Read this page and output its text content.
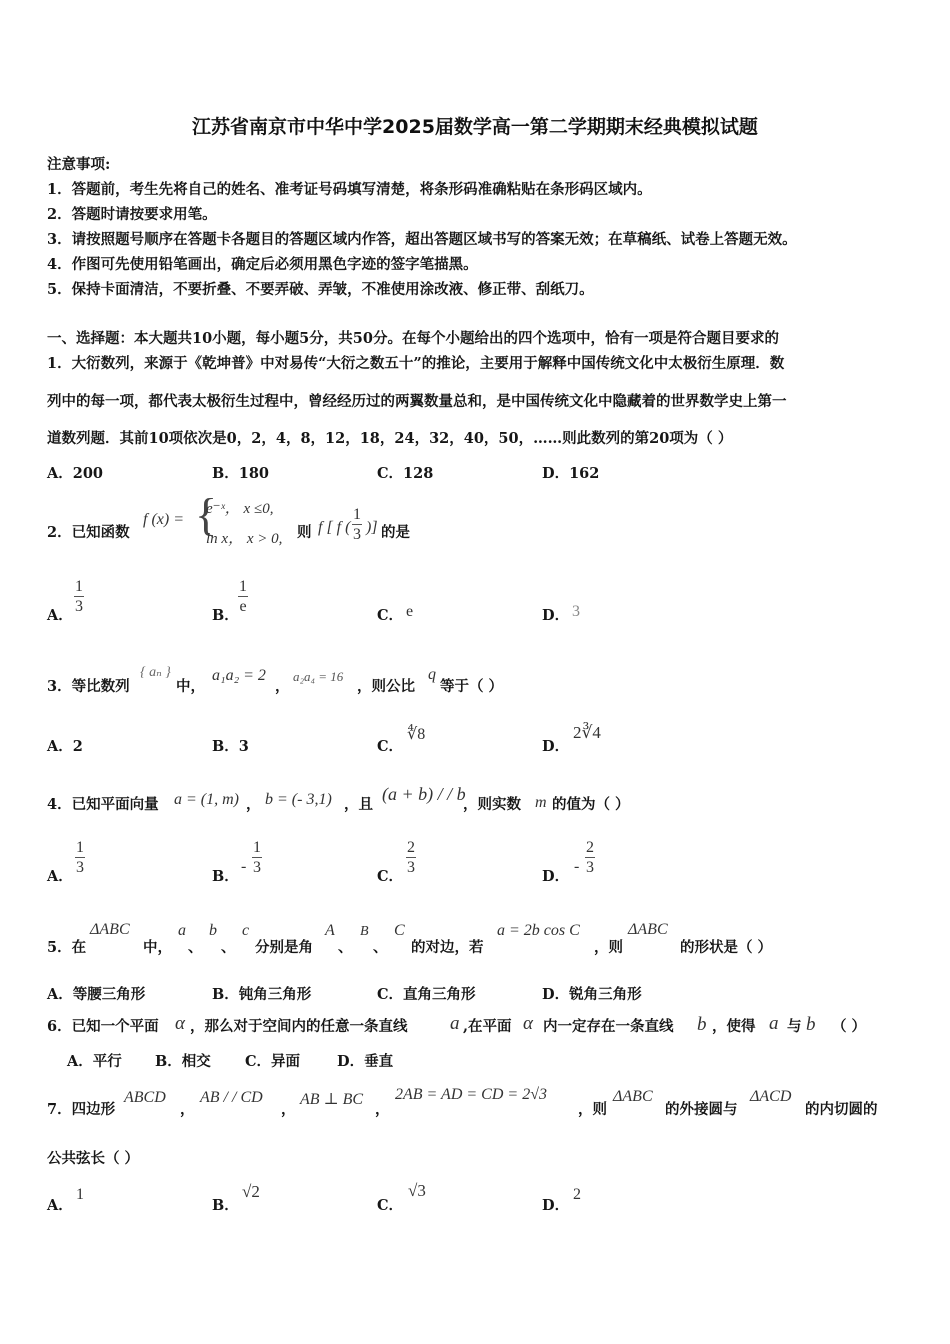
江苏省南京市中华中学2025届数学高一第二学期期末经典模拟试题
注意事项:
1．答题前，考生先将自己的姓名、准考证号码填写清楚，将条形码准确粘贴在条形码区域内。
2．答题时请按要求用笔。
3．请按照题号顺序在答题卡各题目的答题区域内作答，超出答题区域书写的答案无效；在草稿纸、试卷上答题无效。
4．作图可先使用铅笔画出，确定后必须用黑色字迹的签字笔描黑。
5．保持卡面清洁，不要折叠、不要弄破、弄皱，不准使用涂改液、修正带、刮纸刀。
一、选择题：本大题共10小题，每小题5分，共50分。在每个小题给出的四个选项中，恰有一项是符合题目要求的
1．大衍数列，来源于《乾坤普》中对易传“大衍之数五十”的推论，主要用于解释中国传统文化中太极衍生原理．数
列中的每一项，都代表太极衍生过程中，曾经经历过的两翼数量总和，是中国传统文化中隐藏着的世界数学史上第一
道数列题．其前10项依次是0，2，4，8，12，18，24，32，40，50，……则此数列的第20项为（ ）
A．200	B．180	C．128	D．162
2．已知函数
f (x) = {
e⁻ˣ， x ≤0,
ln x， x > 0, 则 f [ f ( $\frac{1}{3}$ )] 的是
A．
$\frac{1}{3}$
B．
$\frac{1}{e}$
C． e	D． 3
3．等比数列
{ aₙ }
中，
a₁a₂ = 2
，
a₂a₄ = 16
，则公比
q
等于（ ）
A．2	B．3	C．
∜8
D．
2∛4
4．已知平面向量 a = (1, m) ， b = (- 3,1) ，且
(a + b) / / b
，则实数 m 的值为（ ）
A．
$\frac{1}{3}$
B．
- $\frac{1}{3}$
C．
$\frac{2}{3}$
D．
- $\frac{2}{3}$
5．在
ΔABC
中，
a
、
b
、
c
分别是角
A
、
B
、
C
的对边，若
a = 2b cos C
，则
ΔABC
的形状是（ ）
A．等腰三角形	B．钝角三角形	C．直角三角形	D．锐角三角形
6．已知一个平面 α ，那么对于空间内的任意一条直线 a ,在平面 α 内一定存在一条直线 b ，使得 a 与 b （ ）
A．平行 B．相交 C．异面	D．垂直
7．四边形
ABCD
，
AB / / CD
，
AB ⊥ BC
，
2AB = AD = CD = 2√3
，则
ΔABC
的外接圆与
ΔACD
的内切圆的
公共弦长（ ）
A．
1
B．
√2
C．
√3
D．
2
